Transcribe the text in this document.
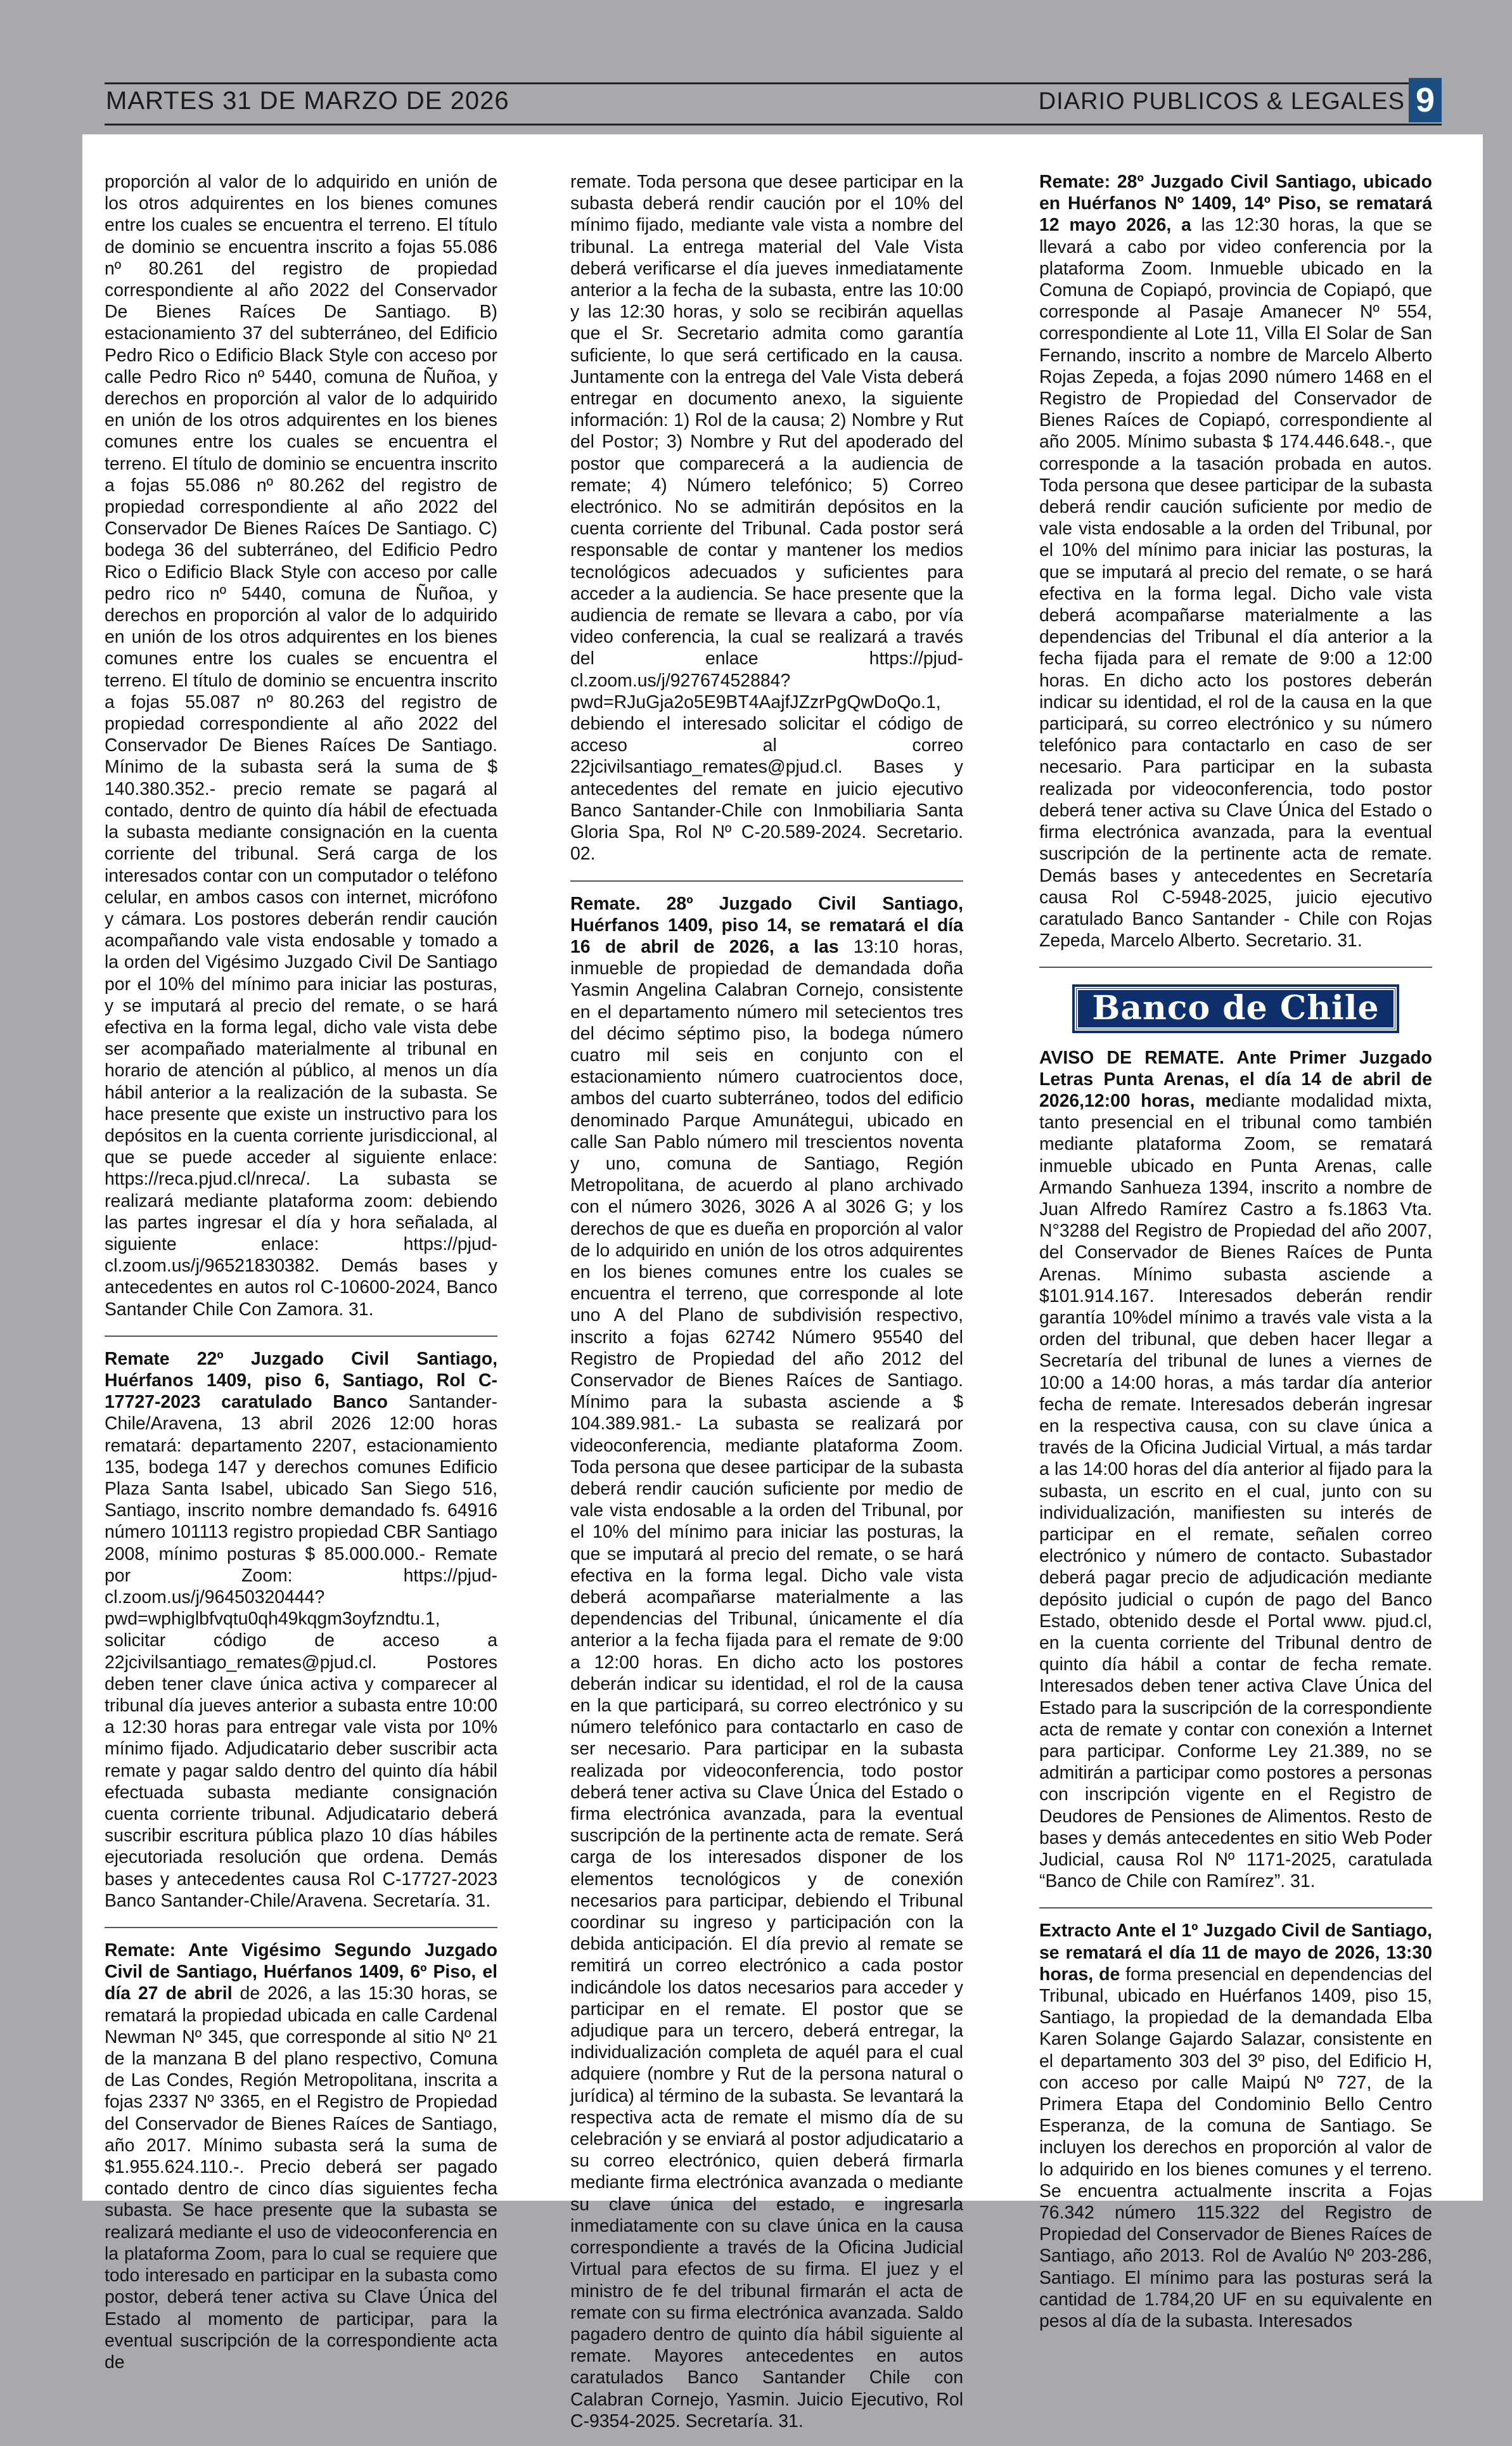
MARTES 31 DE MARZO DE 2026	DIARIO PUBLICOS & LEGALES 9

proporción al valor de lo adquirido en unión de los otros adquirentes en los bienes comunes entre los cuales se encuentra el terreno. El título de dominio se encuentra inscrito a fojas 55.086 nº 80.261 del registro de propiedad correspondiente al año 2022 del Conservador De Bienes Raíces De Santiago. B) estacionamiento 37 del subterráneo, del Edificio Pedro Rico o Edificio Black Style con acceso por calle Pedro Rico nº 5440, comuna de Ñuñoa, y derechos en proporción al valor de lo adquirido en unión de los otros adquirentes en los bienes comunes entre los cuales se encuentra el terreno. El título de dominio se encuentra inscrito a fojas 55.086 nº 80.262 del registro de propiedad correspondiente al año 2022 del Conservador De Bienes Raíces De Santiago. C) bodega 36 del subterráneo, del Edificio Pedro Rico o Edificio Black Style con acceso por calle pedro rico nº 5440, comuna de Ñuñoa, y derechos en proporción al valor de lo adquirido en unión de los otros adquirentes en los bienes comunes entre los cuales se encuentra el terreno. El título de dominio se encuentra inscrito a fojas 55.087 nº 80.263 del registro de propiedad correspondiente al año 2022 del Conservador De Bienes Raíces De Santiago. Mínimo de la subasta será la suma de $ 140.380.352.- precio remate se pagará al contado, dentro de quinto día hábil de efectuada la subasta mediante consignación en la cuenta corriente del tribunal. Será carga de los interesados contar con un computador o teléfono celular, en ambos casos con internet, micrófono y cámara. Los postores deberán rendir caución acompañando vale vista endosable y tomado a la orden del Vigésimo Juzgado Civil De Santiago por el 10% del mínimo para iniciar las posturas, y se imputará al precio del remate, o se hará efectiva en la forma legal, dicho vale vista debe ser acompañado materialmente al tribunal en horario de atención al público, al menos un día hábil anterior a la realización de la subasta. Se hace presente que existe un instructivo para los depósitos en la cuenta corriente jurisdiccional, al que se puede acceder al siguiente enlace: https://reca.pjud.cl/nreca/. La subasta se realizará mediante plataforma zoom: debiendo las partes ingresar el día y hora señalada, al siguiente enlace: https://pjud-cl.zoom.us/j/96521830382. Demás bases y antecedentes en autos rol C-10600-2024, Banco Santander Chile Con Zamora. 31.

Remate 22º Juzgado Civil Santiago, Huérfanos 1409, piso 6, Santiago, Rol C-17727-2023 caratulado Banco Santander-Chile/Aravena, 13 abril 2026 12:00 horas rematará: departamento 2207, estacionamiento 135, bodega 147 y derechos comunes Edificio Plaza Santa Isabel, ubicado San Siego 516, Santiago, inscrito nombre demandado fs. 64916 número 101113 registro propiedad CBR Santiago 2008, mínimo posturas $ 85.000.000.- Remate por Zoom: https://pjud- cl.zoom.us/j/96450320444?pwd=wphiglbfvqtu0qh49kqgm3oyfzndtu.1, solicitar código de acceso a 22jcivilsantiago_remates@pjud.cl. Postores deben tener clave única activa y comparecer al tribunal día jueves anterior a subasta entre 10:00 a 12:30 horas para entregar vale vista por 10% mínimo fijado. Adjudicatario deber suscribir acta remate y pagar saldo dentro del quinto día hábil efectuada subasta mediante consignación cuenta corriente tribunal. Adjudicatario deberá suscribir escritura pública plazo 10 días hábiles ejecutoriada resolución que ordena. Demás bases y antecedentes causa Rol C-17727-2023 Banco Santander-Chile/Aravena. Secretaría. 31.

Remate: Ante Vigésimo Segundo Juzgado Civil de Santiago, Huérfanos 1409, 6º Piso, el día 27 de abril de 2026, a las 15:30 horas, se rematará la propiedad ubicada en calle Cardenal Newman Nº 345, que corresponde al sitio Nº 21 de la manzana B del plano respectivo, Comuna de Las Condes, Región Metropolitana, inscrita a fojas 2337 Nº 3365, en el Registro de Propiedad del Conservador de Bienes Raíces de Santiago, año 2017. Mínimo subasta será la suma de $1.955.624.110.-. Precio deberá ser pagado contado dentro de cinco días siguientes fecha subasta. Se hace presente que la subasta se realizará mediante el uso de videoconferencia en la plataforma Zoom, para lo cual se requiere que todo interesado en participar en la subasta como postor, deberá tener activa su Clave Única del Estado al momento de participar, para la eventual suscripción de la correspondiente acta de

remate. Toda persona que desee participar en la subasta deberá rendir caución por el 10% del mínimo fijado, mediante vale vista a nombre del tribunal. La entrega material del Vale Vista deberá verificarse el día jueves inmediatamente anterior a la fecha de la subasta, entre las 10:00 y las 12:30 horas, y solo se recibirán aquellas que el Sr. Secretario admita como garantía suficiente, lo que será certificado en la causa. Juntamente con la entrega del Vale Vista deberá entregar en documento anexo, la siguiente información: 1) Rol de la causa; 2) Nombre y Rut del Postor; 3) Nombre y Rut del apoderado del postor que comparecerá a la audiencia de remate; 4) Número telefónico; 5) Correo electrónico. No se admitirán depósitos en la cuenta corriente del Tribunal. Cada postor será responsable de contar y mantener los medios tecnológicos adecuados y suficientes para acceder a la audiencia. Se hace presente que la audiencia de remate se llevara a cabo, por vía video conferencia, la cual se realizará a través del enlace https://pjud-cl.zoom.us/j/92767452884?pwd=RJuGja2o5E9BT4AajfJZzrPgQwDoQo.1, debiendo el interesado solicitar el código de acceso al correo 22jcivilsantiago_remates@pjud.cl. Bases y antecedentes del remate en juicio ejecutivo Banco Santander-Chile con Inmobiliaria Santa Gloria Spa, Rol Nº C-20.589-2024. Secretario. 02.

Remate. 28º Juzgado Civil Santiago, Huérfanos 1409, piso 14, se rematará el día 16 de abril de 2026, a las 13:10 horas, inmueble de propiedad de demandada doña Yasmin Angelina Calabran Cornejo, consistente en el departamento número mil setecientos tres del décimo séptimo piso, la bodega número cuatro mil seis en conjunto con el estacionamiento número cuatrocientos doce, ambos del cuarto subterráneo, todos del edificio denominado Parque Amunátegui, ubicado en calle San Pablo número mil trescientos noventa y uno, comuna de Santiago, Región Metropolitana, de acuerdo al plano archivado con el número 3026, 3026 A al 3026 G; y los derechos de que es dueña en proporción al valor de lo adquirido en unión de los otros adquirentes en los bienes comunes entre los cuales se encuentra el terreno, que corresponde al lote uno A del Plano de subdivisión respectivo, inscrito a fojas 62742 Número 95540 del Registro de Propiedad del año 2012 del Conservador de Bienes Raíces de Santiago. Mínimo para la subasta asciende a $ 104.389.981.- La subasta se realizará por videoconferencia, mediante plataforma Zoom. Toda persona que desee participar de la subasta deberá rendir caución suficiente por medio de vale vista endosable a la orden del Tribunal, por el 10% del mínimo para iniciar las posturas, la que se imputará al precio del remate, o se hará efectiva en la forma legal. Dicho vale vista deberá acompañarse materialmente a las dependencias del Tribunal, únicamente el día anterior a la fecha fijada para el remate de 9:00 a 12:00 horas. En dicho acto los postores deberán indicar su identidad, el rol de la causa en la que participará, su correo electrónico y su número telefónico para contactarlo en caso de ser necesario. Para participar en la subasta realizada por videoconferencia, todo postor deberá tener activa su Clave Única del Estado o firma electrónica avanzada, para la eventual suscripción de la pertinente acta de remate. Será carga de los interesados disponer de los elementos tecnológicos y de conexión necesarios para participar, debiendo el Tribunal coordinar su ingreso y participación con la debida anticipación. El día previo al remate se remitirá un correo electrónico a cada postor indicándole los datos necesarios para acceder y participar en el remate. El postor que se adjudique para un tercero, deberá entregar, la individualización completa de aquél para el cual adquiere (nombre y Rut de la persona natural o jurídica) al término de la subasta. Se levantará la respectiva acta de remate el mismo día de su celebración y se enviará al postor adjudicatario a su correo electrónico, quien deberá firmarla mediante firma electrónica avanzada o mediante su clave única del estado, e ingresarla inmediatamente con su clave única en la causa correspondiente a través de la Oficina Judicial Virtual para efectos de su firma. El juez y el ministro de fe del tribunal firmarán el acta de remate con su firma electrónica avanzada. Saldo pagadero dentro de quinto día hábil siguiente al remate. Mayores antecedentes en autos caratulados Banco Santander Chile con Calabran Cornejo, Yasmin. Juicio Ejecutivo, Rol C-9354-2025. Secretaría. 31.

Remate: 28º Juzgado Civil Santiago, ubicado en Huérfanos Nº 1409, 14º Piso, se rematará 12 mayo 2026, a las 12:30 horas, la que se llevará a cabo por video conferencia por la plataforma Zoom. Inmueble ubicado en la Comuna de Copiapó, provincia de Copiapó, que corresponde al Pasaje Amanecer Nº 554, correspondiente al Lote 11, Villa El Solar de San Fernando, inscrito a nombre de Marcelo Alberto Rojas Zepeda, a fojas 2090 número 1468 en el Registro de Propiedad del Conservador de Bienes Raíces de Copiapó, correspondiente al año 2005. Mínimo subasta $ 174.446.648.-, que corresponde a la tasación probada en autos. Toda persona que desee participar de la subasta deberá rendir caución suficiente por medio de vale vista endosable a la orden del Tribunal, por el 10% del mínimo para iniciar las posturas, la que se imputará al precio del remate, o se hará efectiva en la forma legal. Dicho vale vista deberá acompañarse materialmente a las dependencias del Tribunal el día anterior a la fecha fijada para el remate de 9:00 a 12:00 horas. En dicho acto los postores deberán indicar su identidad, el rol de la causa en la que participará, su correo electrónico y su número telefónico para contactarlo en caso de ser necesario. Para participar en la subasta realizada por videoconferencia, todo postor deberá tener activa su Clave Única del Estado o firma electrónica avanzada, para la eventual suscripción de la pertinente acta de remate. Demás bases y antecedentes en Secretaría causa Rol C-5948-2025, juicio ejecutivo caratulado Banco Santander - Chile con Rojas Zepeda, Marcelo Alberto. Secretario. 31.

Banco de Chile

AVISO DE REMATE. Ante Primer Juzgado Letras Punta Arenas, el día 14 de abril de 2026,12:00 horas, mediante modalidad mixta, tanto presencial en el tribunal como también mediante plataforma Zoom, se rematará inmueble ubicado en Punta Arenas, calle Armando Sanhueza 1394, inscrito a nombre de Juan Alfredo Ramírez Castro a fs.1863 Vta. N°3288 del Registro de Propiedad del año 2007, del Conservador de Bienes Raíces de Punta Arenas. Mínimo subasta asciende a $101.914.167. Interesados deberán rendir garantía 10%del mínimo a través vale vista a la orden del tribunal, que deben hacer llegar a Secretaría del tribunal de lunes a viernes de 10:00 a 14:00 horas, a más tardar día anterior fecha de remate. Interesados deberán ingresar en la respectiva causa, con su clave única a través de la Oficina Judicial Virtual, a más tardar a las 14:00 horas del día anterior al fijado para la subasta, un escrito en el cual, junto con su individualización, manifiesten su interés de participar en el remate, señalen correo electrónico y número de contacto. Subastador deberá pagar precio de adjudicación mediante depósito judicial o cupón de pago del Banco Estado, obtenido desde el Portal www. pjud.cl, en la cuenta corriente del Tribunal dentro de quinto día hábil a contar de fecha remate. Interesados deben tener activa Clave Única del Estado para la suscripción de la correspondiente acta de remate y contar con conexión a Internet para participar. Conforme Ley 21.389, no se admitirán a participar como postores a personas con inscripción vigente en el Registro de Deudores de Pensiones de Alimentos. Resto de bases y demás antecedentes en sitio Web Poder Judicial, causa Rol Nº 1171-2025, caratulada “Banco de Chile con Ramírez”. 31.

Extracto Ante el 1º Juzgado Civil de Santiago, se rematará el día 11 de mayo de 2026, 13:30 horas, de forma presencial en dependencias del Tribunal, ubicado en Huérfanos 1409, piso 15, Santiago, la propiedad de la demandada Elba Karen Solange Gajardo Salazar, consistente en el departamento 303 del 3º piso, del Edificio H, con acceso por calle Maipú Nº 727, de la Primera Etapa del Condominio Bello Centro Esperanza, de la comuna de Santiago. Se incluyen los derechos en proporción al valor de lo adquirido en los bienes comunes y el terreno. Se encuentra actualmente inscrita a Fojas 76.342 número 115.322 del Registro de Propiedad del Conservador de Bienes Raíces de Santiago, año 2013. Rol de Avalúo Nº 203-286, Santiago. El mínimo para las posturas será la cantidad de 1.784,20 UF en su equivalente en pesos al día de la subasta. Interesados
